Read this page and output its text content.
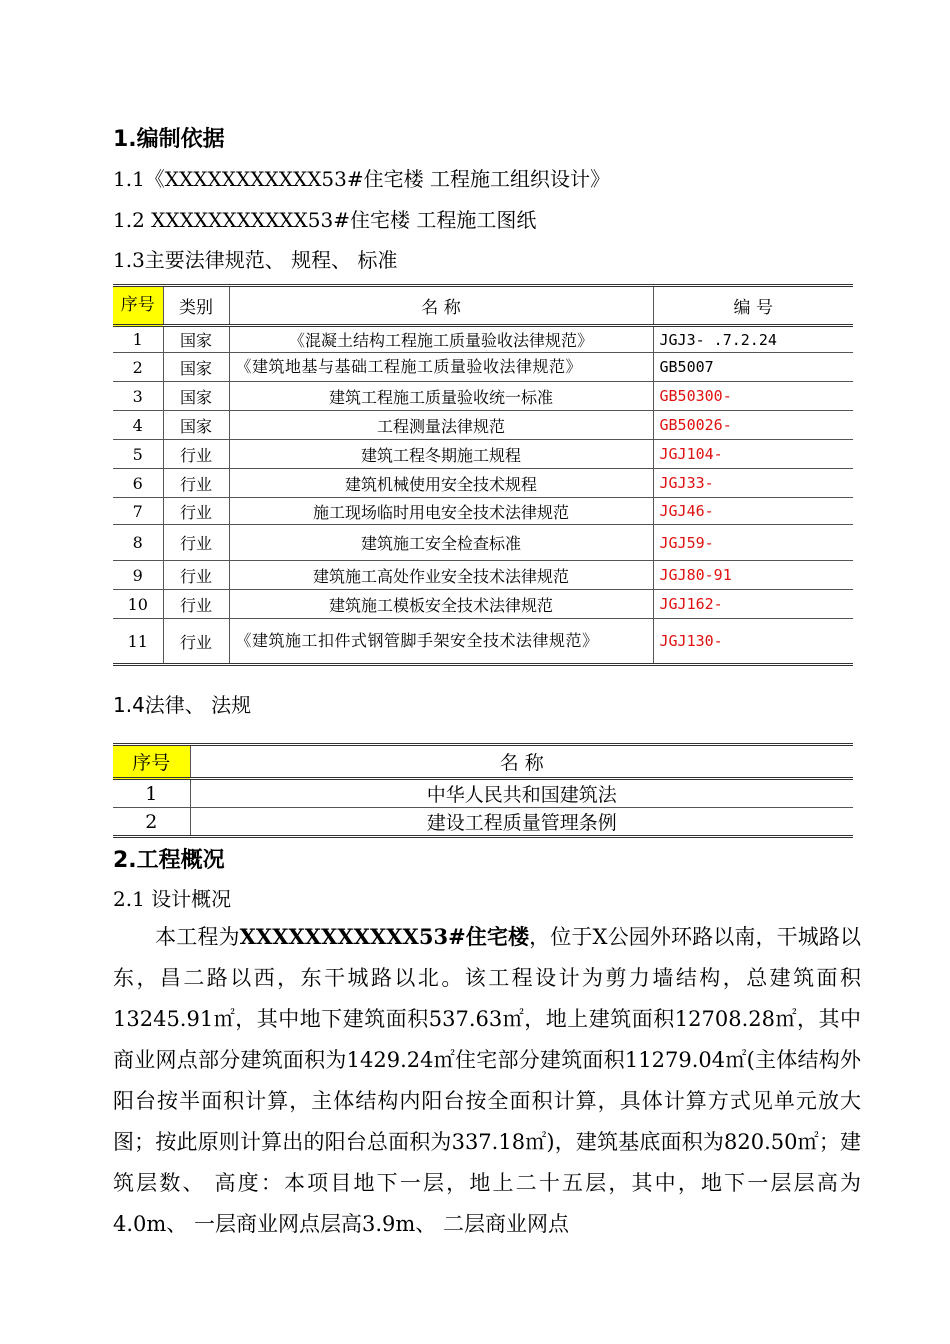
1.编制依据
1.1《XXXXXXXXXXX53#住宅楼 工程施工组织设计》
1.2 XXXXXXXXXXX53#住宅楼 工程施工图纸
1.3主要法律规范、 规程、 标准
序号	类别	名 称	编 号
1	国家	《混凝土结构工程施工质量验收法律规范》	JGJ3- .7.2.24
2	国家	《建筑地基与基础工程施工质量验收法律规范》	GB5007
3	国家	建筑工程施工质量验收统一标准	GB50300-
4	国家	工程测量法律规范	GB50026-
5	行业	建筑工程冬期施工规程	JGJ104-
6	行业	建筑机械使用安全技术规程	JGJ33-
7	行业	施工现场临时用电安全技术法律规范	JGJ46-
8	行业	建筑施工安全检查标准	JGJ59-
9	行业	建筑施工高处作业安全技术法律规范	JGJ80-91
10	行业	建筑施工模板安全技术法律规范	JGJ162-
11	行业	《建筑施工扣件式钢管脚手架安全技术法律规范》	JGJ130-
1.4法律、 法规
序号	名 称
1	中华人民共和国建筑法
2	建设工程质量管理条例
2.工程概况
2.1 设计概况
本工程为XXXXXXXXXXX53#住宅楼，位于X公园外环路以南，干城路以东，昌二路以西，东干城路以北。该工程设计为剪力墙结构，总建筑面积13245.91㎡，其中地下建筑面积537.63㎡，地上建筑面积12708.28㎡，其中商业网点部分建筑面积为1429.24㎡住宅部分建筑面积11279.04㎡(主体结构外阳台按半面积计算，主体结构内阳台按全面积计算，具体计算方式见单元放大图；按此原则计算出的阳台总面积为337.18㎡)，建筑基底面积为820.50㎡；建筑层数、 高度：本项目地下一层，地上二十五层，其中，地下一层层高为4.0m、 一层商业网点层高3.9m、 二层商业网点
